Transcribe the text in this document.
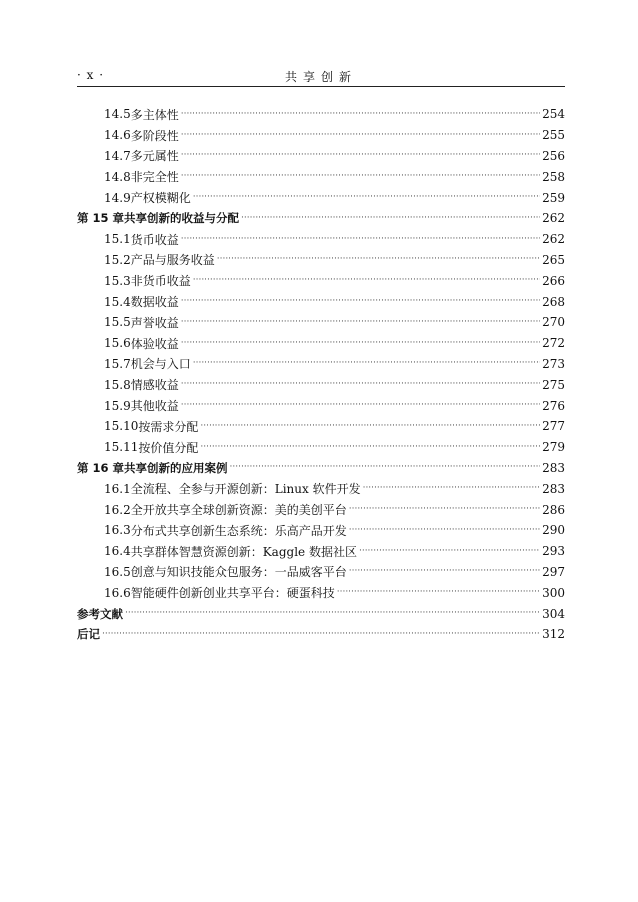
· x ·	共享创新
14.5 多主体性 ·····	254
14.6 多阶段性 ·····	255
14.7 多元属性 ·····	256
14.8 非完全性 ·····	258
14.9 产权模糊化 ·····	259
第 15 章 共享创新的收益与分配 ·····	262
15.1 货币收益 ·····	262
15.2 产品与服务收益 ·····	265
15.3 非货币收益 ·····	266
15.4 数据收益 ·····	268
15.5 声誉收益 ·····	270
15.6 体验收益 ·····	272
15.7 机会与入口 ·····	273
15.8 情感收益 ·····	275
15.9 其他收益 ·····	276
15.10 按需求分配 ·····	277
15.11 按价值分配 ·····	279
第 16 章 共享创新的应用案例 ·····	283
16.1 全流程、全参与开源创新：Linux 软件开发 ·····	283
16.2 全开放共享全球创新资源：美的美创平台 ·····	286
16.3 分布式共享创新生态系统：乐高产品开发 ·····	290
16.4 共享群体智慧资源创新：Kaggle 数据社区 ·····	293
16.5 创意与知识技能众包服务：一品威客平台 ·····	297
16.6 智能硬件创新创业共享平台：硬蛋科技 ·····	300
参考文献 ·····	304
后记 ·····	312
